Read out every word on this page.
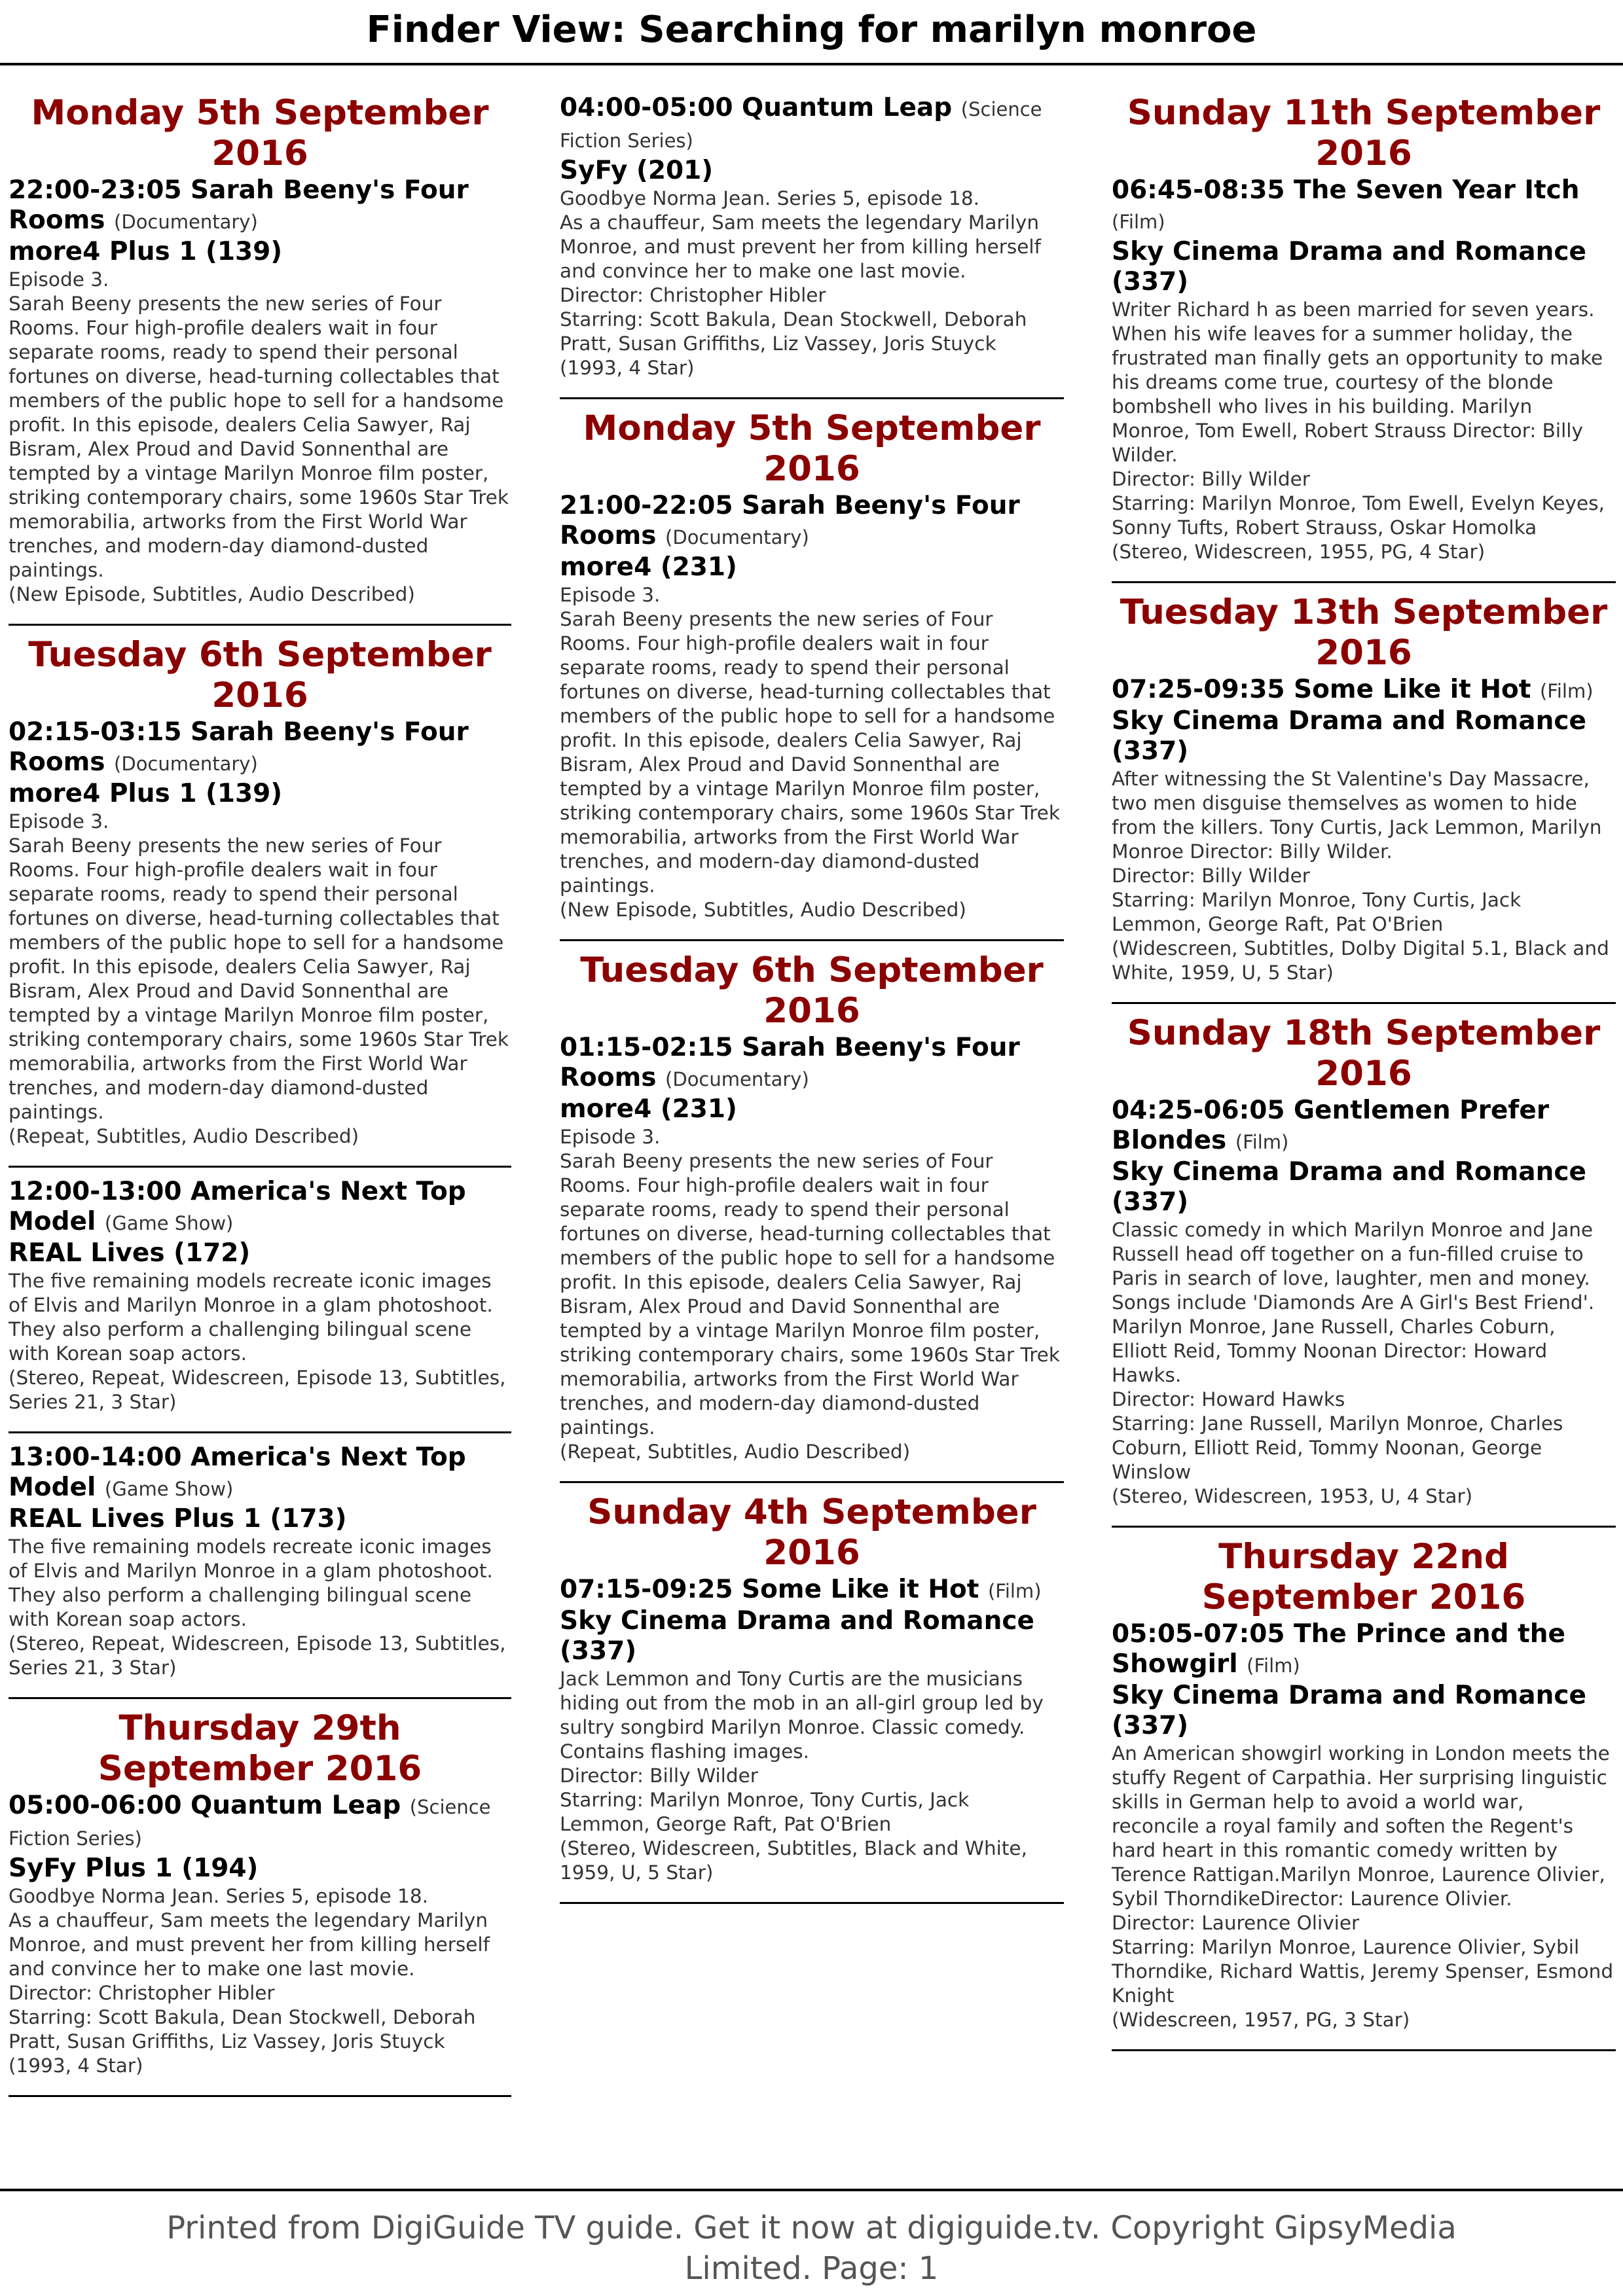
Finder View: Searching for marilyn monroe
Monday 5th September 2016
22:00-23:05 Sarah Beeny's Four Rooms (Documentary)
more4 Plus 1 (139)
Episode 3.
Sarah Beeny presents the new series of Four Rooms. Four high-profile dealers wait in four separate rooms, ready to spend their personal fortunes on diverse, head-turning collectables that members of the public hope to sell for a handsome profit. In this episode, dealers Celia Sawyer, Raj Bisram, Alex Proud and David Sonnenthal are tempted by a vintage Marilyn Monroe film poster, striking contemporary chairs, some 1960s Star Trek memorabilia, artworks from the First World War trenches, and modern-day diamond-dusted paintings.
(New Episode, Subtitles, Audio Described)
Tuesday 6th September 2016
02:15-03:15 Sarah Beeny's Four Rooms (Documentary)
more4 Plus 1 (139)
Episode 3.
Sarah Beeny presents the new series of Four Rooms. Four high-profile dealers wait in four separate rooms, ready to spend their personal fortunes on diverse, head-turning collectables that members of the public hope to sell for a handsome profit. In this episode, dealers Celia Sawyer, Raj Bisram, Alex Proud and David Sonnenthal are tempted by a vintage Marilyn Monroe film poster, striking contemporary chairs, some 1960s Star Trek memorabilia, artworks from the First World War trenches, and modern-day diamond-dusted paintings.
(Repeat, Subtitles, Audio Described)
12:00-13:00 America's Next Top Model (Game Show)
REAL Lives (172)
The five remaining models recreate iconic images of Elvis and Marilyn Monroe in a glam photoshoot. They also perform a challenging bilingual scene with Korean soap actors.
(Stereo, Repeat, Widescreen, Episode 13, Subtitles, Series 21, 3 Star)
13:00-14:00 America's Next Top Model (Game Show)
REAL Lives Plus 1 (173)
The five remaining models recreate iconic images of Elvis and Marilyn Monroe in a glam photoshoot. They also perform a challenging bilingual scene with Korean soap actors.
(Stereo, Repeat, Widescreen, Episode 13, Subtitles, Series 21, 3 Star)
Thursday 29th September 2016
05:00-06:00 Quantum Leap (Science Fiction Series)
SyFy Plus 1 (194)
Goodbye Norma Jean. Series 5, episode 18.
As a chauffeur, Sam meets the legendary Marilyn Monroe, and must prevent her from killing herself and convince her to make one last movie.
Director: Christopher Hibler
Starring: Scott Bakula, Dean Stockwell, Deborah Pratt, Susan Griffiths, Liz Vassey, Joris Stuyck
(1993, 4 Star)
04:00-05:00 Quantum Leap (Science Fiction Series)
SyFy (201)
Goodbye Norma Jean. Series 5, episode 18.
As a chauffeur, Sam meets the legendary Marilyn Monroe, and must prevent her from killing herself and convince her to make one last movie.
Director: Christopher Hibler
Starring: Scott Bakula, Dean Stockwell, Deborah Pratt, Susan Griffiths, Liz Vassey, Joris Stuyck
(1993, 4 Star)
Monday 5th September 2016
21:00-22:05 Sarah Beeny's Four Rooms (Documentary)
more4 (231)
Episode 3.
Sarah Beeny presents the new series of Four Rooms. Four high-profile dealers wait in four separate rooms, ready to spend their personal fortunes on diverse, head-turning collectables that members of the public hope to sell for a handsome profit. In this episode, dealers Celia Sawyer, Raj Bisram, Alex Proud and David Sonnenthal are tempted by a vintage Marilyn Monroe film poster, striking contemporary chairs, some 1960s Star Trek memorabilia, artworks from the First World War trenches, and modern-day diamond-dusted paintings.
(New Episode, Subtitles, Audio Described)
Tuesday 6th September 2016
01:15-02:15 Sarah Beeny's Four Rooms (Documentary)
more4 (231)
Episode 3.
Sarah Beeny presents the new series of Four Rooms. Four high-profile dealers wait in four separate rooms, ready to spend their personal fortunes on diverse, head-turning collectables that members of the public hope to sell for a handsome profit. In this episode, dealers Celia Sawyer, Raj Bisram, Alex Proud and David Sonnenthal are tempted by a vintage Marilyn Monroe film poster, striking contemporary chairs, some 1960s Star Trek memorabilia, artworks from the First World War trenches, and modern-day diamond-dusted paintings.
(Repeat, Subtitles, Audio Described)
Sunday 4th September 2016
07:15-09:25 Some Like it Hot (Film)
Sky Cinema Drama and Romance (337)
Jack Lemmon and Tony Curtis are the musicians hiding out from the mob in an all-girl group led by sultry songbird Marilyn Monroe. Classic comedy. Contains flashing images.
Director: Billy Wilder
Starring: Marilyn Monroe, Tony Curtis, Jack Lemmon, George Raft, Pat O'Brien
(Stereo, Widescreen, Subtitles, Black and White, 1959, U, 5 Star)
Sunday 11th September 2016
06:45-08:35 The Seven Year Itch (Film)
Sky Cinema Drama and Romance (337)
Writer Richard h as been married for seven years. When his wife leaves for a summer holiday, the frustrated man finally gets an opportunity to make his dreams come true, courtesy of the blonde bombshell who lives in his building. Marilyn Monroe, Tom Ewell, Robert Strauss Director: Billy Wilder.
Director: Billy Wilder
Starring: Marilyn Monroe, Tom Ewell, Evelyn Keyes, Sonny Tufts, Robert Strauss, Oskar Homolka
(Stereo, Widescreen, 1955, PG, 4 Star)
Tuesday 13th September 2016
07:25-09:35 Some Like it Hot (Film)
Sky Cinema Drama and Romance (337)
After witnessing the St Valentine's Day Massacre, two men disguise themselves as women to hide from the killers. Tony Curtis, Jack Lemmon, Marilyn Monroe Director: Billy Wilder.
Director: Billy Wilder
Starring: Marilyn Monroe, Tony Curtis, Jack Lemmon, George Raft, Pat O'Brien
(Widescreen, Subtitles, Dolby Digital 5.1, Black and White, 1959, U, 5 Star)
Sunday 18th September 2016
04:25-06:05 Gentlemen Prefer Blondes (Film)
Sky Cinema Drama and Romance (337)
Classic comedy in which Marilyn Monroe and Jane Russell head off together on a fun-filled cruise to Paris in search of love, laughter, men and money. Songs include 'Diamonds Are A Girl's Best Friend'. Marilyn Monroe, Jane Russell, Charles Coburn, Elliott Reid, Tommy Noonan Director: Howard Hawks.
Director: Howard Hawks
Starring: Jane Russell, Marilyn Monroe, Charles Coburn, Elliott Reid, Tommy Noonan, George Winslow
(Stereo, Widescreen, 1953, U, 4 Star)
Thursday 22nd September 2016
05:05-07:05 The Prince and the Showgirl (Film)
Sky Cinema Drama and Romance (337)
An American showgirl working in London meets the stuffy Regent of Carpathia. Her surprising linguistic skills in German help to avoid a world war, reconcile a royal family and soften the Regent's hard heart in this romantic comedy written by Terence Rattigan.Marilyn Monroe, Laurence Olivier, Sybil ThorndikeDirector: Laurence Olivier.
Director: Laurence Olivier
Starring: Marilyn Monroe, Laurence Olivier, Sybil Thorndike, Richard Wattis, Jeremy Spenser, Esmond Knight
(Widescreen, 1957, PG, 3 Star)
Printed from DigiGuide TV guide. Get it now at digiguide.tv. Copyright GipsyMedia
Limited. Page: 1
